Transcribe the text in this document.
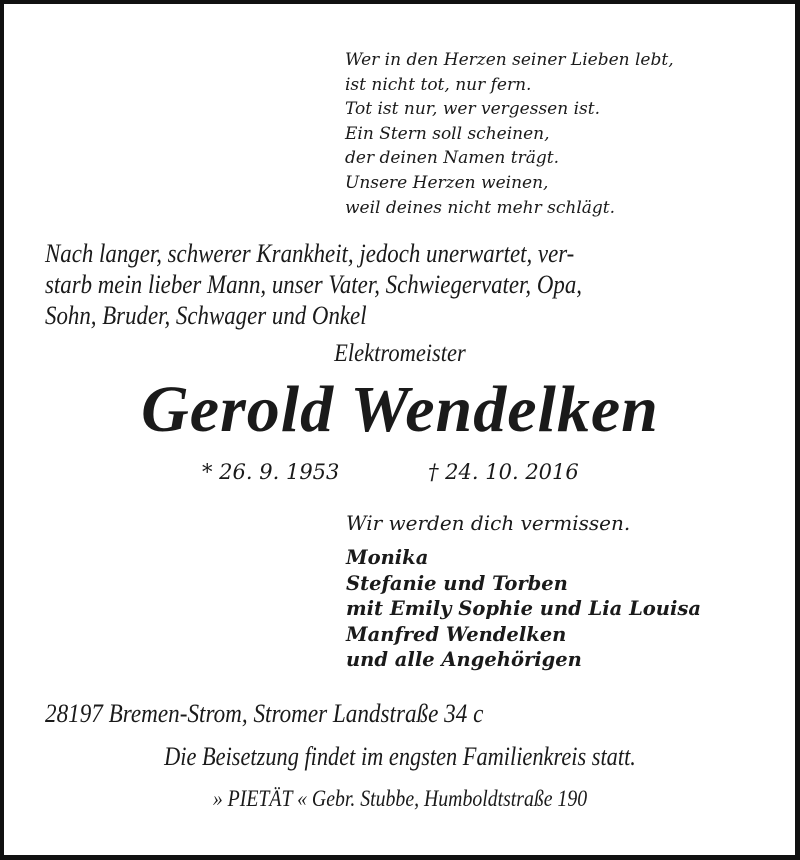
Wer in den Herzen seiner Lieben lebt,
ist nicht tot, nur fern.
Tot ist nur, wer vergessen ist.
Ein Stern soll scheinen,
der deinen Namen trägt.
Unsere Herzen weinen,
weil deines nicht mehr schlägt.
Nach langer, schwerer Krankheit, jedoch unerwartet, ver-
starb mein lieber Mann, unser Vater, Schwiegervater, Opa,
Sohn, Bruder, Schwager und Onkel
Elektromeister
Gerold Wendelken
* 26. 9. 1953	† 24. 10. 2016
Wir werden dich vermissen.
Monika
Stefanie und Torben
mit Emily Sophie und Lia Louisa
Manfred Wendelken
und alle Angehörigen
28197 Bremen-Strom, Stromer Landstraße 34 c
Die Beisetzung findet im engsten Familienkreis statt.
» PIETÄT « Gebr. Stubbe, Humboldtstraße 190
